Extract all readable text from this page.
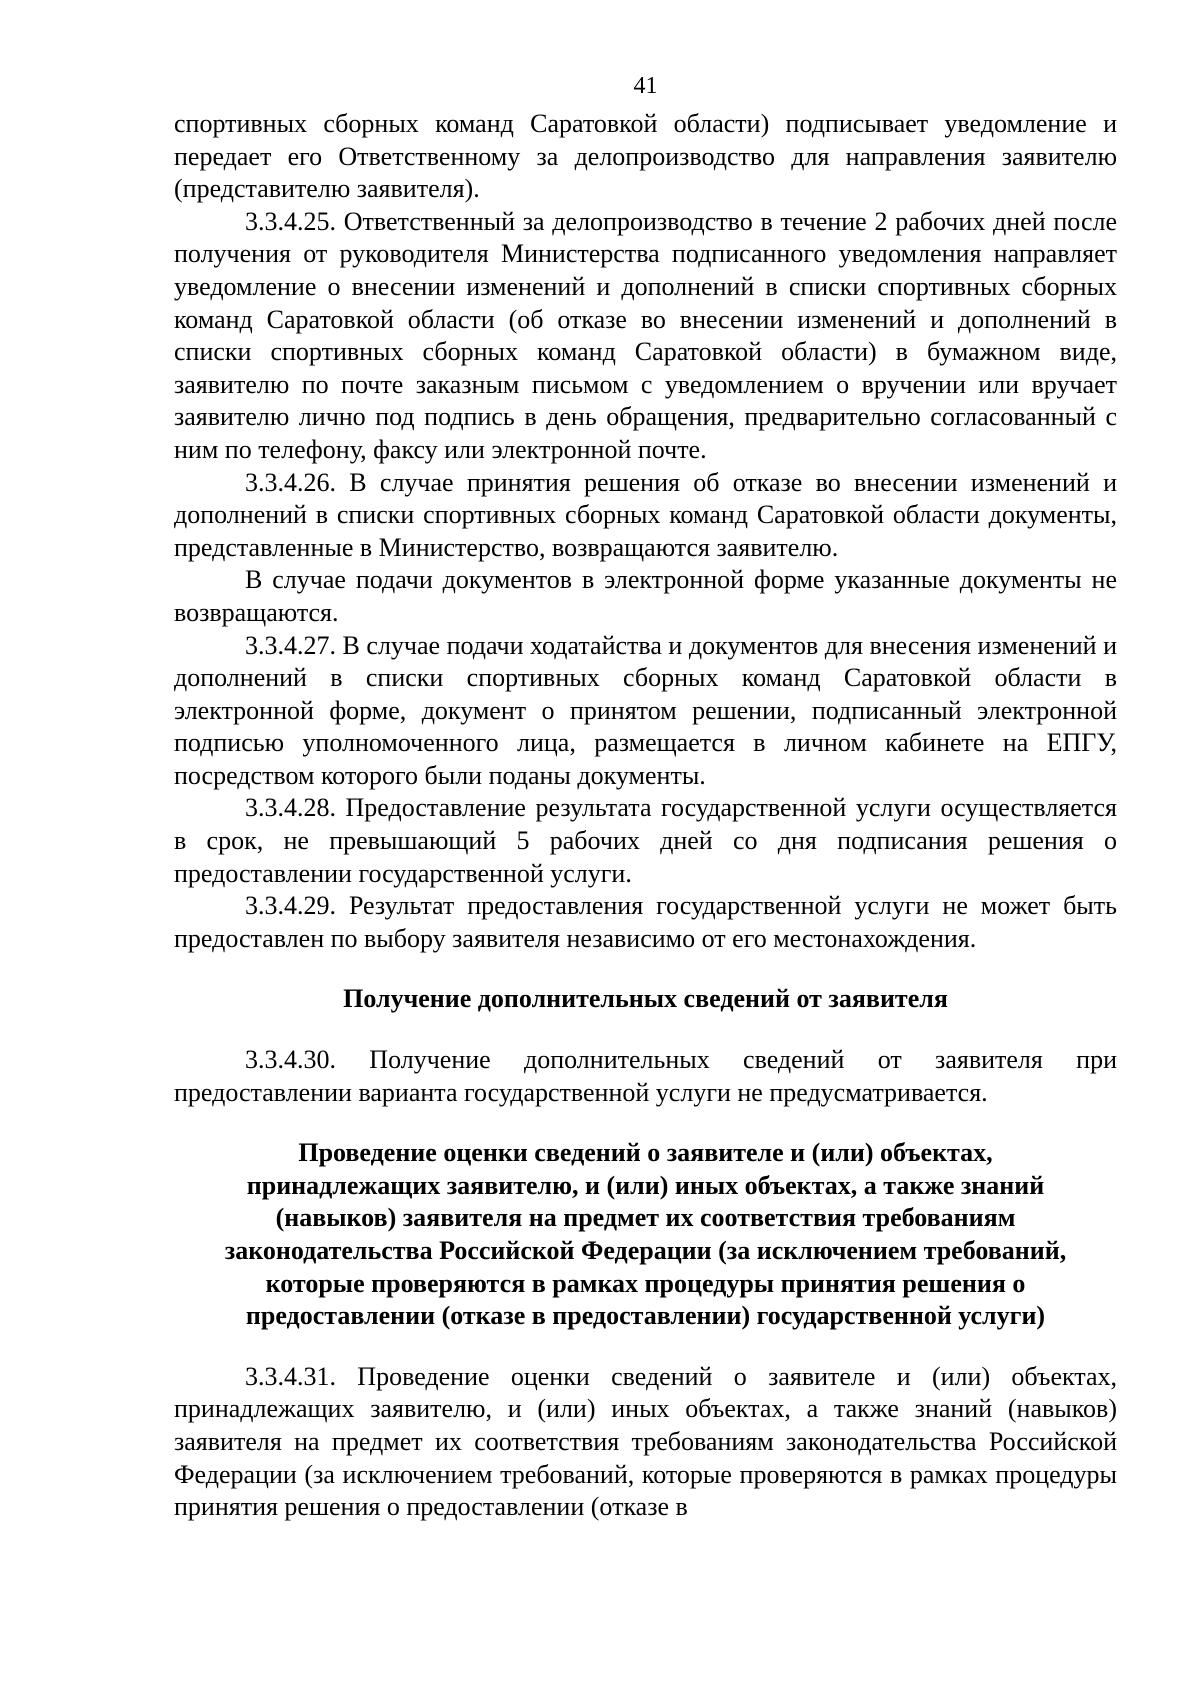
41

спортивных сборных команд Саратовкой области) подписывает уведомление и передает его Ответственному за делопроизводство для направления заявителю (представителю заявителя).

3.3.4.25. Ответственный за делопроизводство в течение 2 рабочих дней после получения от руководителя Министерства подписанного уведомления направляет уведомление о внесении изменений и дополнений в списки спортивных сборных команд Саратовкой области (об отказе во внесении изменений и дополнений в списки спортивных сборных команд Саратовкой области) в бумажном виде, заявителю по почте заказным письмом с уведомлением о вручении или вручает заявителю лично под подпись в день обращения, предварительно согласованный с ним по телефону, факсу или электронной почте.

3.3.4.26. В случае принятия решения об отказе во внесении изменений и дополнений в списки спортивных сборных команд Саратовкой области документы, представленные в Министерство, возвращаются заявителю.

В случае подачи документов в электронной форме указанные документы не возвращаются.

3.3.4.27. В случае подачи ходатайства и документов для внесения изменений и дополнений в списки спортивных сборных команд Саратовкой области в электронной форме, документ о принятом решении, подписанный электронной подписью уполномоченного лица, размещается в личном кабинете на ЕПГУ, посредством которого были поданы документы.

3.3.4.28. Предоставление результата государственной услуги осуществляется в срок, не превышающий 5 рабочих дней со дня подписания решения о предоставлении государственной услуги.

3.3.4.29. Результат предоставления государственной услуги не может быть предоставлен по выбору заявителя независимо от его местонахождения.

Получение дополнительных сведений от заявителя

3.3.4.30. Получение дополнительных сведений от заявителя при предоставлении варианта государственной услуги не предусматривается.

Проведение оценки сведений о заявителе и (или) объектах,
принадлежащих заявителю, и (или) иных объектах, а также знаний
(навыков) заявителя на предмет их соответствия требованиям
законодательства Российской Федерации (за исключением требований,
которые проверяются в рамках процедуры принятия решения о
предоставлении (отказе в предоставлении) государственной услуги)

3.3.4.31. Проведение оценки сведений о заявителе и (или) объектах, принадлежащих заявителю, и (или) иных объектах, а также знаний (навыков) заявителя на предмет их соответствия требованиям законодательства Российской Федерации (за исключением требований, которые проверяются в рамках процедуры принятия решения о предоставлении (отказе в
